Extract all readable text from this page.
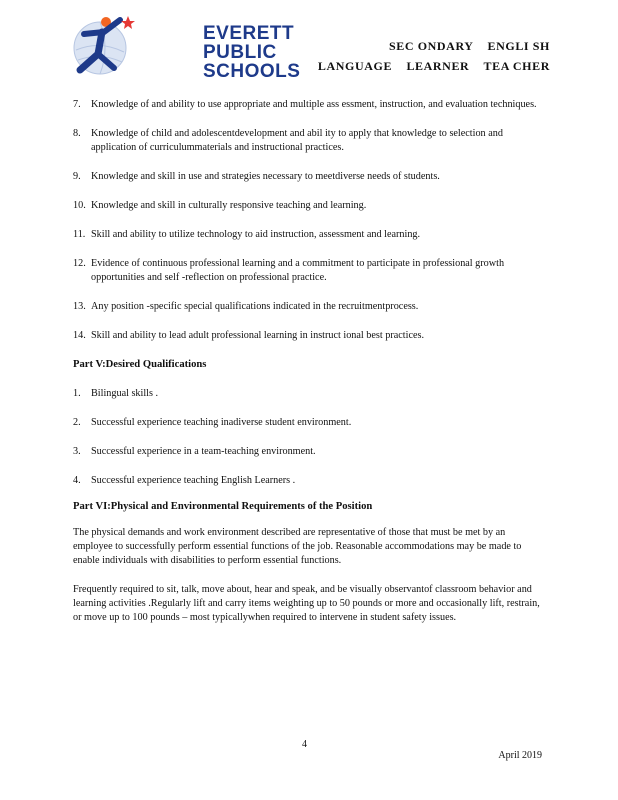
EVERETT
PUBLIC
SCHOOLS
SEC ONDARY    ENGLI SH
LANGUAGE    LEARNER    TEA CHER
7. Knowledge of and ability to use appropriate and multiple ass essment, instruction, and evaluation techniques.
8. Knowledge of child and adolescentdevelopment and abil ity to apply that knowledge to selection and application of curriculummaterials and instructional practices.
9. Knowledge and skill in use and strategies necessary to meetdiverse needs of students.
10. Knowledge and skill in culturally responsive teaching and learning.
11. Skill and ability to utilize technology to aid instruction, assessment and learning.
12. Evidence of continuous professional learning and a commitment to participate in professional growth opportunities and self -reflection on professional practice.
13. Any position -specific special qualifications indicated in the recruitmentprocess.
14. Skill and ability to lead adult professional learning in instruct ional best practices.
Part V:Desired Qualifications
1. Bilingual skills .
2. Successful experience teaching inadiverse student environment.
3. Successful experience in a team-teaching environment.
4. Successful experience teaching English Learners .
Part VI:Physical and Environmental Requirements of the Position
The physical demands and work environment described are representative of those that must be met by an employee to successfully perform essential functions of the job. Reasonable accommodations may be made to enable individuals with disabilities to perform essential functions.
Frequently required to sit, talk, move about, hear and speak, and be visually observantof classroom behavior and learning activities .Regularly lift and carry items weighting up to 50 pounds or more and occasionally lift, restrain, or move up to 100 pounds – most typicallywhen required to intervene in student safety issues.
4
April 2019
